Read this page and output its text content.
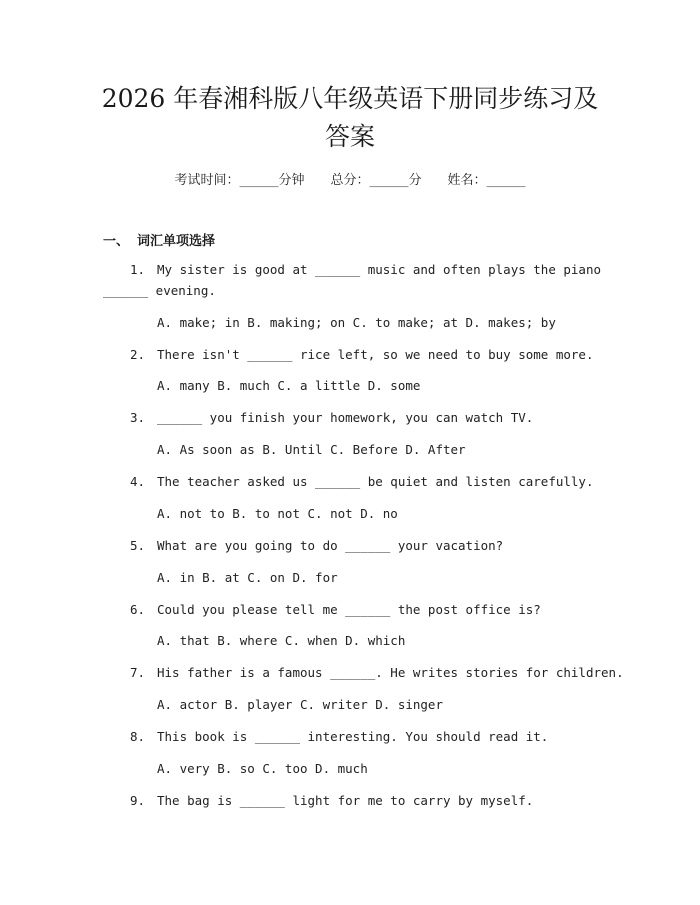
2026 年春湘科版八年级英语下册同步练习及
答案
考试时间：______分钟 总分：______分 姓名：______
一、 词汇单项选择
1. My sister is good at ______ music and often plays the piano
______ evening.
A. make; in B. making; on C. to make; at D. makes; by
2. There isn't ______ rice left, so we need to buy some more.
A. many B. much C. a little D. some
3. ______ you finish your homework, you can watch TV.
A. As soon as B. Until C. Before D. After
4. The teacher asked us ______ be quiet and listen carefully.
A. not to B. to not C. not D. no
5. What are you going to do ______ your vacation?
A. in B. at C. on D. for
6. Could you please tell me ______ the post office is?
A. that B. where C. when D. which
7. His father is a famous ______. He writes stories for children.
A. actor B. player C. writer D. singer
8. This book is ______ interesting. You should read it.
A. very B. so C. too D. much
9. The bag is ______ light for me to carry by myself.
